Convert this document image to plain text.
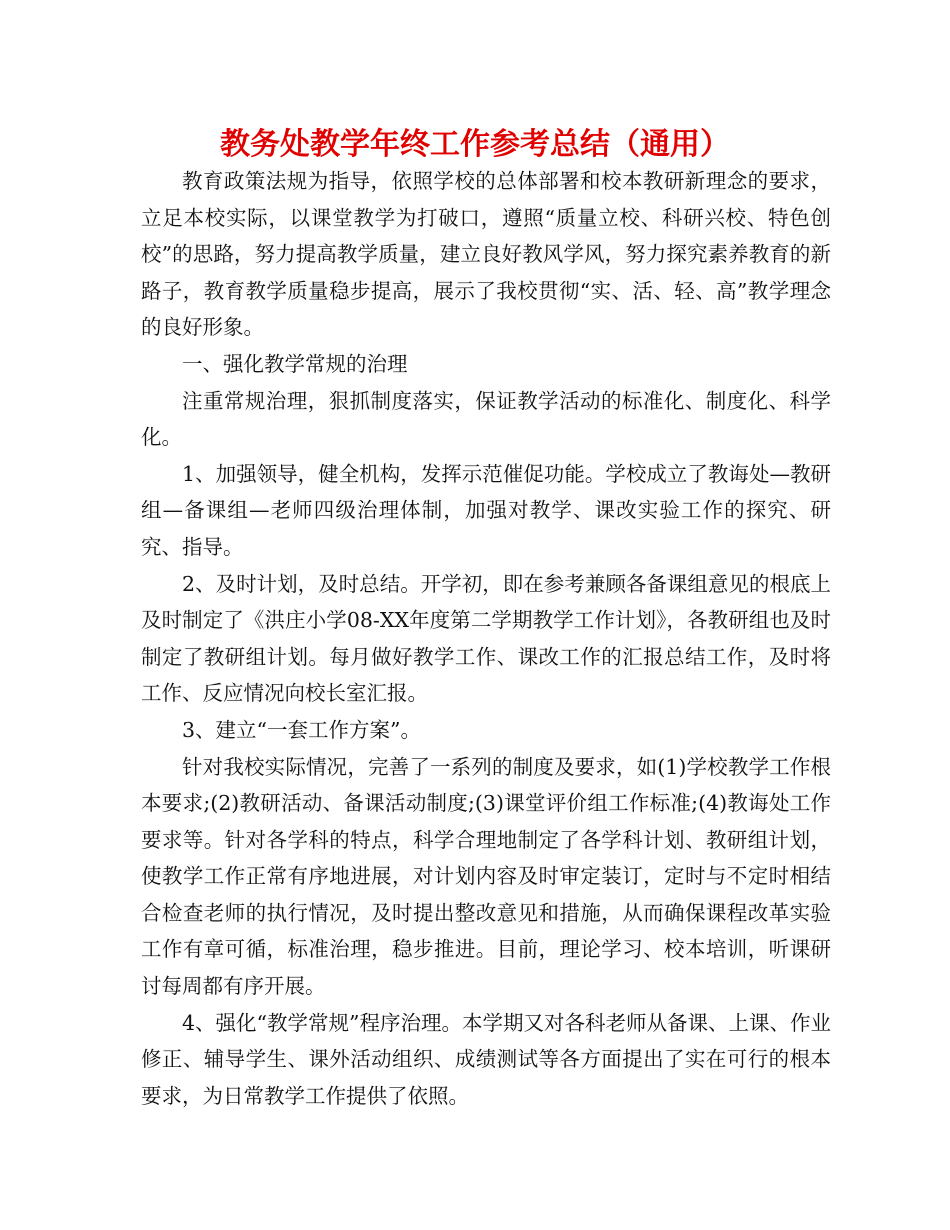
教务处教学年终工作参考总结（通用）

教育政策法规为指导，依照学校的总体部署和校本教研新理念的要求，立足本校实际，以课堂教学为打破口，遵照“质量立校、科研兴校、特色创校”的思路，努力提高教学质量，建立良好教风学风，努力探究素养教育的新路子，教育教学质量稳步提高，展示了我校贯彻“实、活、轻、高”教学理念的良好形象。

一、强化教学常规的治理

注重常规治理，狠抓制度落实，保证教学活动的标准化、制度化、科学化。

1、加强领导，健全机构，发挥示范催促功能。学校成立了教诲处—教研组—备课组—老师四级治理体制，加强对教学、课改实验工作的探究、研究、指导。

2、及时计划，及时总结。开学初，即在参考兼顾各备课组意见的根底上及时制定了《洪庄小学08-XX年度第二学期教学工作计划》，各教研组也及时制定了教研组计划。每月做好教学工作、课改工作的汇报总结工作，及时将工作、反应情况向校长室汇报。

3、建立“一套工作方案”。

针对我校实际情况，完善了一系列的制度及要求，如(1)学校教学工作根本要求;(2)教研活动、备课活动制度;(3)课堂评价组工作标准;(4)教诲处工作要求等。针对各学科的特点，科学合理地制定了各学科计划、教研组计划，使教学工作正常有序地进展，对计划内容及时审定装订，定时与不定时相结合检查老师的执行情况，及时提出整改意见和措施，从而确保课程改革实验工作有章可循，标准治理，稳步推进。目前，理论学习、校本培训，听课研讨每周都有序开展。

4、强化“教学常规”程序治理。本学期又对各科老师从备课、上课、作业修正、辅导学生、课外活动组织、成绩测试等各方面提出了实在可行的根本要求，为日常教学工作提供了依照。
